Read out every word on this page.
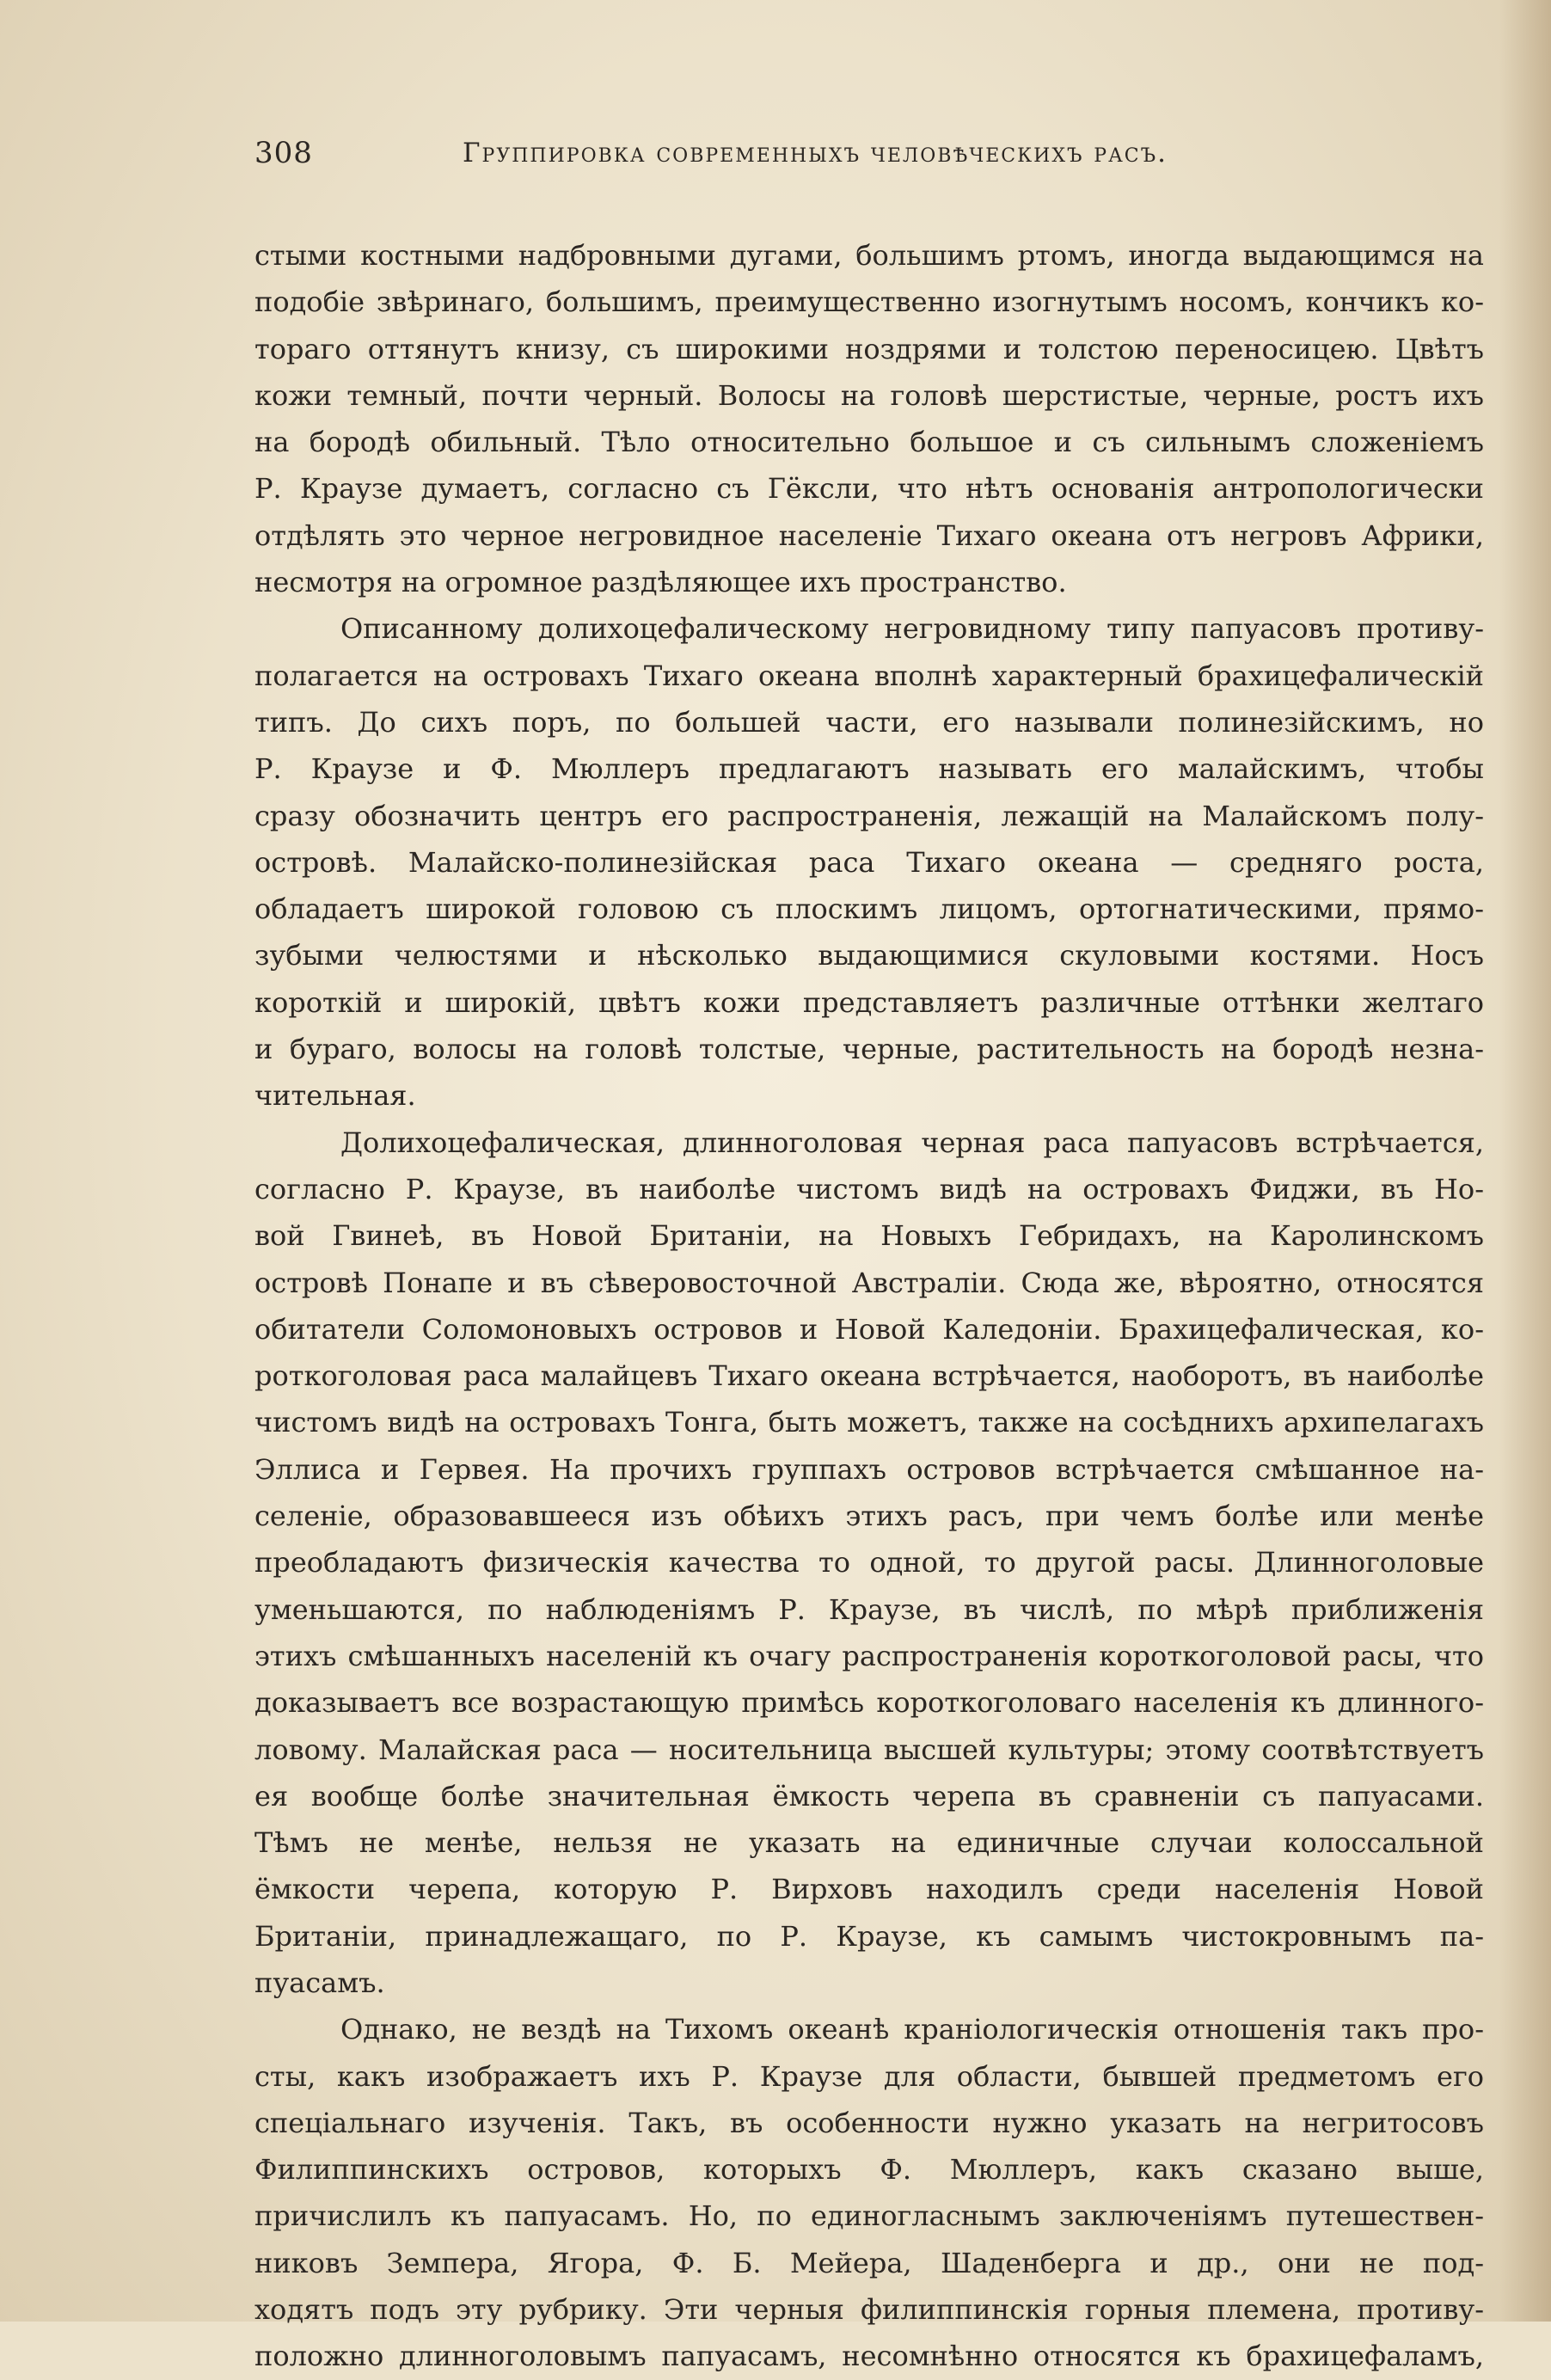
308	Группировка современныхъ человѣческихъ расъ.
стыми костными надбровными дугами, большимъ ртомъ, иногда выдающимся на
подобіе звѣринаго, большимъ, преимущественно изогнутымъ носомъ, кончикъ ко-
тораго оттянутъ книзу, съ широкими ноздрями и толстою переносицею. Цвѣтъ
кожи темный, почти черный. Волосы на головѣ шерстистые, черные, ростъ ихъ
на бородѣ обильный. Тѣло относительно большое и съ сильнымъ сложеніемъ
Р. Краузе думаетъ, согласно съ Гёксли, что нѣтъ основанія антропологически
отдѣлять это черное негровидное населеніе Тихаго океана отъ негровъ Африки,
несмотря на огромное раздѣляющее ихъ пространство.
Описанному долихоцефалическому негровидному типу папуасовъ противу-
полагается на островахъ Тихаго океана вполнѣ характерный брахицефалическій
типъ. До сихъ поръ, по большей части, его называли полинезійскимъ, но
Р. Краузе и Ф. Мюллеръ предлагаютъ называть его малайскимъ, чтобы
сразу обозначить центръ его распространенія, лежащій на Малайскомъ полу-
островѣ. Малайско-полинезійская раса Тихаго океана — средняго роста,
обладаетъ широкой головою съ плоскимъ лицомъ, ортогнатическими, прямо-
зубыми челюстями и нѣсколько выдающимися скуловыми костями. Носъ
короткій и широкій, цвѣтъ кожи представляетъ различные оттѣнки желтаго
и бураго, волосы на головѣ толстые, черные, растительность на бородѣ незна-
чительная.
Долихоцефалическая, длинноголовая черная раса папуасовъ встрѣчается,
согласно Р. Краузе, въ наиболѣе чистомъ видѣ на островахъ Фиджи, въ Но-
вой Гвинеѣ, въ Новой Британіи, на Новыхъ Гебридахъ, на Каролинскомъ
островѣ Понапе и въ сѣверовосточной Австраліи. Сюда же, вѣроятно, относятся
обитатели Соломоновыхъ островов и Новой Каледоніи. Брахицефалическая, ко-
роткоголовая раса малайцевъ Тихаго океана встрѣчается, наоборотъ, въ наиболѣе
чистомъ видѣ на островахъ Тонга, быть можетъ, также на сосѣднихъ архипелагахъ
Эллиса и Гервея. На прочихъ группахъ островов встрѣчается смѣшанное на-
селеніе, образовавшееся изъ обѣихъ этихъ расъ, при чемъ болѣе или менѣе
преобладаютъ физическія качества то одной, то другой расы. Длинноголовые
уменьшаются, по наблюденіямъ Р. Краузе, въ числѣ, по мѣрѣ приближенія
этихъ смѣшанныхъ населеній къ очагу распространенія короткоголовой расы, что
доказываетъ все возрастающую примѣсь короткоголоваго населенія къ длинного-
ловому. Малайская раса — носительница высшей культуры; этому соотвѣтствуетъ
ея вообще болѣе значительная ёмкость черепа въ сравненіи съ папуасами.
Тѣмъ не менѣе, нельзя не указать на единичные случаи колоссальной
ёмкости черепа, которую Р. Вирховъ находилъ среди населенія Новой
Британіи, принадлежащаго, по Р. Краузе, къ самымъ чистокровнымъ па-
пуасамъ.
Однако, не вездѣ на Тихомъ океанѣ краніологическія отношенія такъ про-
сты, какъ изображаетъ ихъ Р. Краузе для области, бывшей предметомъ его
спеціальнаго изученія. Такъ, въ особенности нужно указать на негритосовъ
Филиппинскихъ островов, которыхъ Ф. Мюллеръ, какъ сказано выше,
причислилъ къ папуасамъ. Но, по единогласнымъ заключеніямъ путешествен-
никовъ Земпера, Ягора, Ф. Б. Мейера, Шаденберга и др., они не под-
ходятъ подъ эту рубрику. Эти черныя филиппинскія горныя племена, противу-
положно длинноголовымъ папуасамъ, несомнѣнно относятся къ брахицефаламъ,
